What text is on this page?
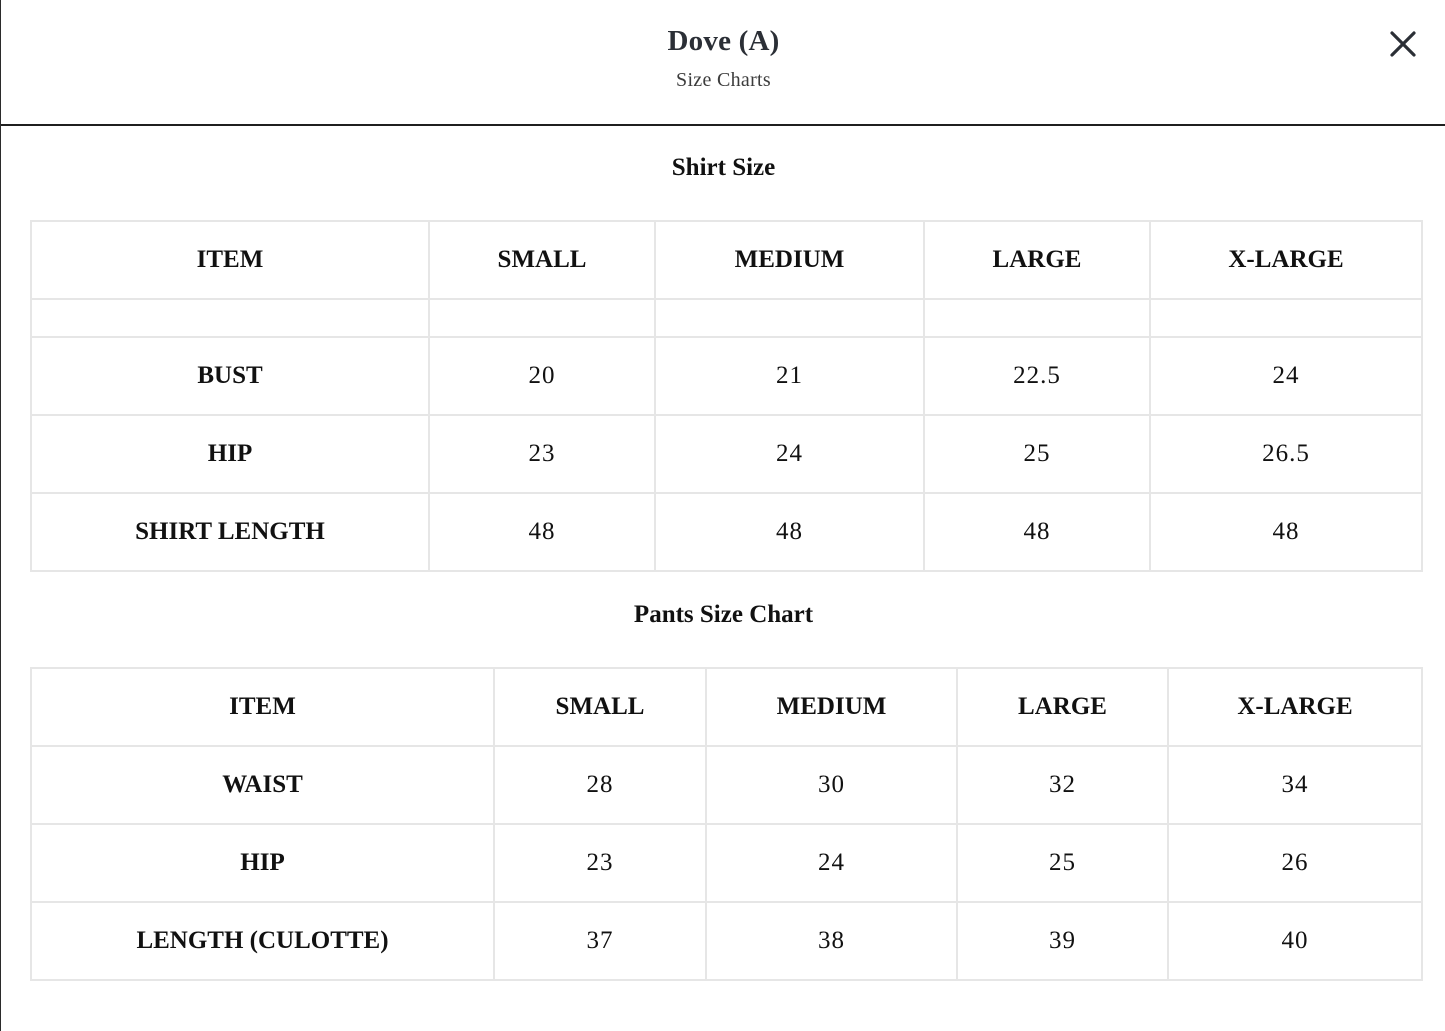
Dove (A)
Size Charts
Shirt Size
ITEM	SMALL	MEDIUM	LARGE	X-LARGE

BUST	20	21	22.5	24
HIP	23	24	25	26.5
SHIRT LENGTH	48	48	48	48
Pants Size Chart
ITEM	SMALL	MEDIUM	LARGE	X-LARGE
WAIST	28	30	32	34
HIP	23	24	25	26
LENGTH (CULOTTE)	37	38	39	40
